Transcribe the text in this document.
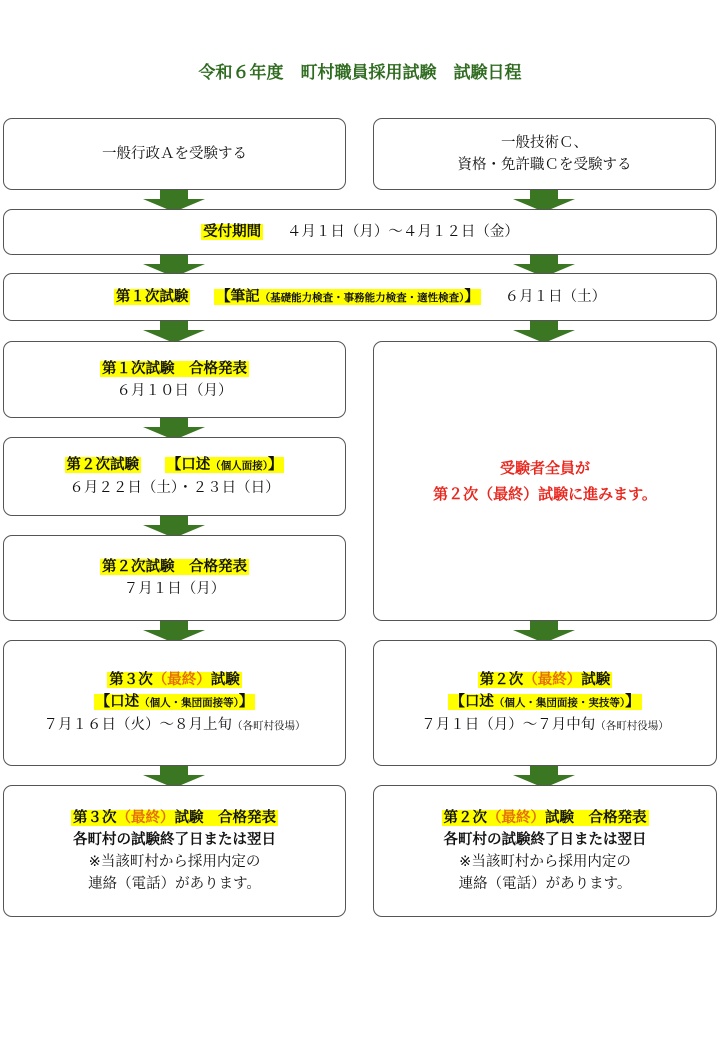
令和６年度　町村職員採用試験　試験日程
一般行政Ａを受験する
一般技術Ｃ、
資格・免許職Ｃを受験する
受付期間 　 ４月１日（月）～４月１２日（金）
第１次試験 　 【筆記（基礎能力検査・事務能力検査・適性検査）】 　 ６月１日（土）
第１次試験　合格発表
６月１０日（月）
第２次試験 　 【口述（個人面接）】
６月２２日（土）・２３日（日）
第２次試験　合格発表
７月１日（月）
受験者全員が
第２次（最終）試験に進みます。
第３次（最終）試験
【口述（個人・集団面接等）】
７月１６日（火）～８月上旬（各町村役場）
第２次（最終）試験
【口述（個人・集団面接・実技等）】
７月１日（月）～７月中旬（各町村役場）
第３次（最終）試験　合格発表
各町村の試験終了日または翌日
※当該町村から採用内定の
連絡（電話）があります。
第２次（最終）試験　合格発表
各町村の試験終了日または翌日
※当該町村から採用内定の
連絡（電話）があります。
